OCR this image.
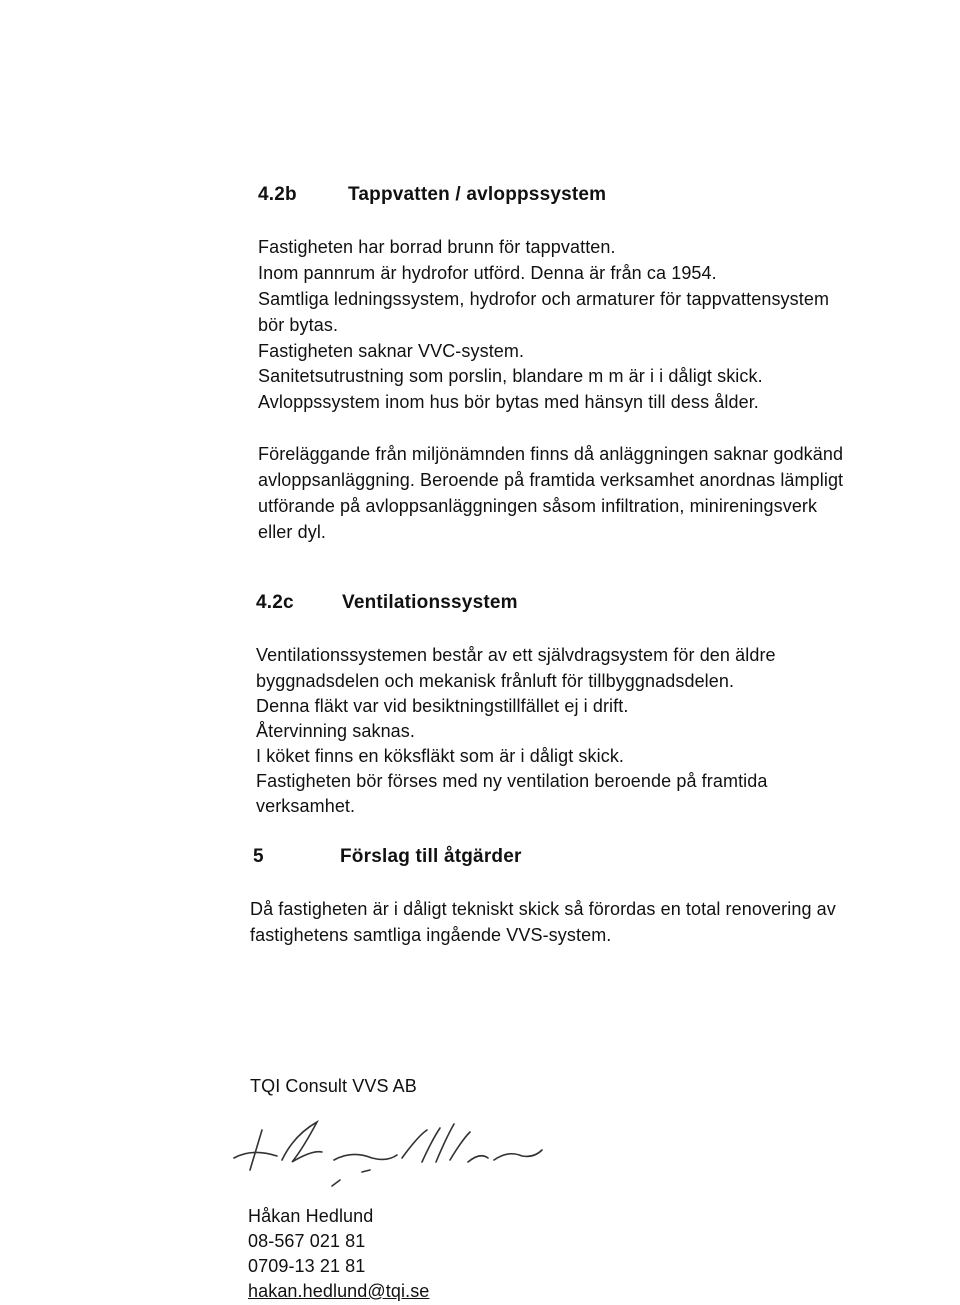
4.2b	Tappvatten / avloppssystem
Fastigheten har borrad brunn för tappvatten.
Inom pannrum är hydrofor utförd. Denna är från ca 1954.
Samtliga ledningssystem, hydrofor och armaturer för tappvattensystem
bör bytas.
Fastigheten saknar VVC-system.
Sanitetsutrustning som porslin, blandare m m är i i dåligt skick.
Avloppssystem inom hus bör bytas med hänsyn till dess ålder.
Föreläggande från miljönämnden finns då anläggningen saknar godkänd
avloppsanläggning. Beroende på framtida verksamhet anordnas lämpligt
utförande på avloppsanläggningen såsom infiltration, minireningsverk
eller dyl.
4.2c	Ventilationssystem
Ventilationssystemen består av ett självdragsystem för den äldre
byggnadsdelen och mekanisk frånluft för tillbyggnadsdelen.
Denna fläkt var vid besiktningstillfället ej i drift.
Återvinning saknas.
I köket finns en köksfläkt som är i dåligt skick.
Fastigheten bör förses med ny ventilation beroende på framtida
verksamhet.
5	Förslag till åtgärder
Då fastigheten är i dåligt tekniskt skick så förordas en total renovering av
fastighetens samtliga ingående VVS-system.
TQI Consult VVS AB
Håkan Hedlund
08-567 021 81
0709-13 21 81
hakan.hedlund@tqi.se
